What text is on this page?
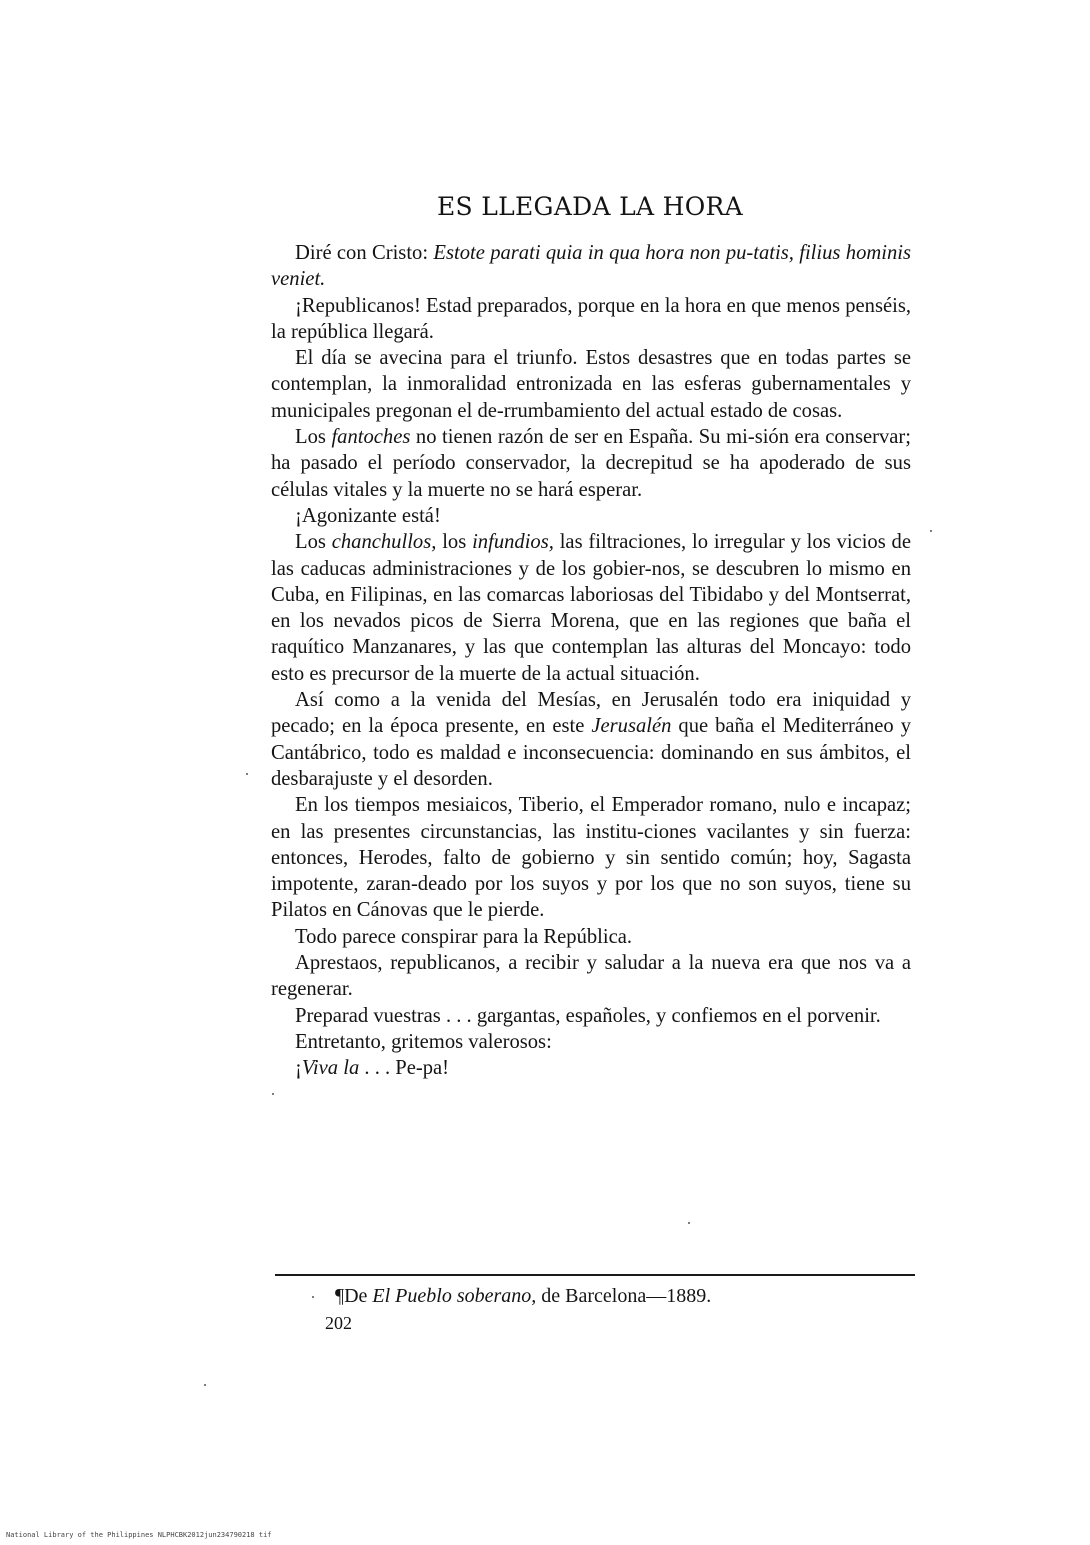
ES LLEGADA LA HORA

Diré con Cristo: Estote parati quia in qua hora non pu-tatis, filius hominis veniet.

¡Republicanos! Estad preparados, porque en la hora en que menos penséis, la república llegará.

El día se avecina para el triunfo. Estos desastres que en todas partes se contemplan, la inmoralidad entronizada en las esferas gubernamentales y municipales pregonan el de-rrumbamiento del actual estado de cosas.

Los fantoches no tienen razón de ser en España. Su mi-sión era conservar; ha pasado el período conservador, la decrepitud se ha apoderado de sus células vitales y la muerte no se hará esperar.

¡Agonizante está!

Los chanchullos, los infundios, las filtraciones, lo irregular y los vicios de las caducas administraciones y de los gobier-nos, se descubren lo mismo en Cuba, en Filipinas, en las comarcas laboriosas del Tibidabo y del Montserrat, en los nevados picos de Sierra Morena, que en las regiones que baña el raquítico Manzanares, y las que contemplan las alturas del Moncayo: todo esto es precursor de la muerte de la actual situación.

Así como a la venida del Mesías, en Jerusalén todo era iniquidad y pecado; en la época presente, en este Jerusalén que baña el Mediterráneo y Cantábrico, todo es maldad e inconsecuencia: dominando en sus ámbitos, el desbarajuste y el desorden.

En los tiempos mesiaicos, Tiberio, el Emperador romano, nulo e incapaz; en las presentes circunstancias, las institu-ciones vacilantes y sin fuerza: entonces, Herodes, falto de gobierno y sin sentido común; hoy, Sagasta impotente, zaran-deado por los suyos y por los que no son suyos, tiene su Pilatos en Cánovas que le pierde.

Todo parece conspirar para la República.

Aprestaos, republicanos, a recibir y saludar a la nueva era que nos va a regenerar.

Preparad vuestras . . . gargantas, españoles, y confiemos en el porvenir.

Entretanto, gritemos valerosos:

¡Viva la . . . Pe-pa!

¶De El Pueblo soberano, de Barcelona—1889.
202
National Library of the Philippines NLPHCBK2012jun234790218 tif
